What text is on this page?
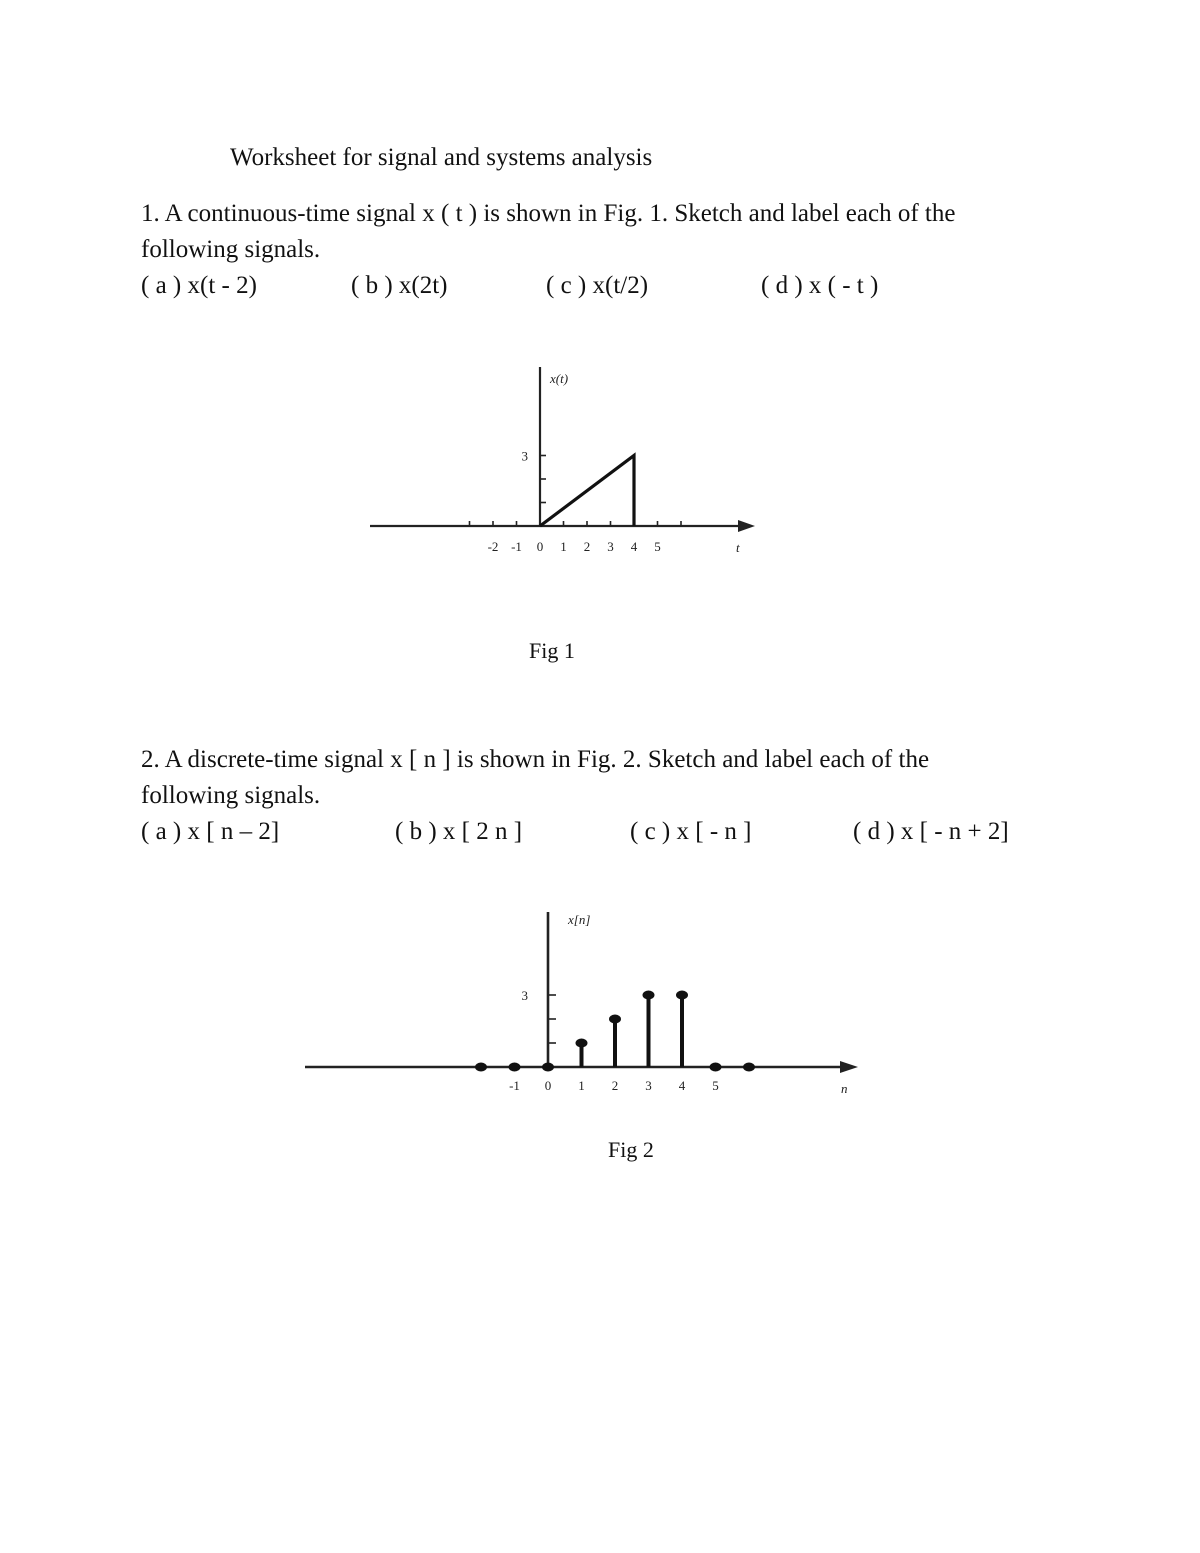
Worksheet for signal and systems analysis
1. A continuous-time signal x ( t ) is shown in Fig. 1. Sketch and label each of the
following signals.
( a ) x(t - 2)	( b ) x(2t)	( c ) x(t/2)	( d ) x ( - t )
x(t)
t
-2 -1 0 1 2 3 4 5
3
Fig 1
2. A discrete-time signal x [ n ] is shown in Fig. 2. Sketch and label each of the
following signals.
( a ) x [ n – 2]	( b ) x [ 2 n ]	( c ) x [ - n ]	( d ) x [ - n + 2]
x[n]
n
3
-1 0 1 2 3 4 5
Fig 2
